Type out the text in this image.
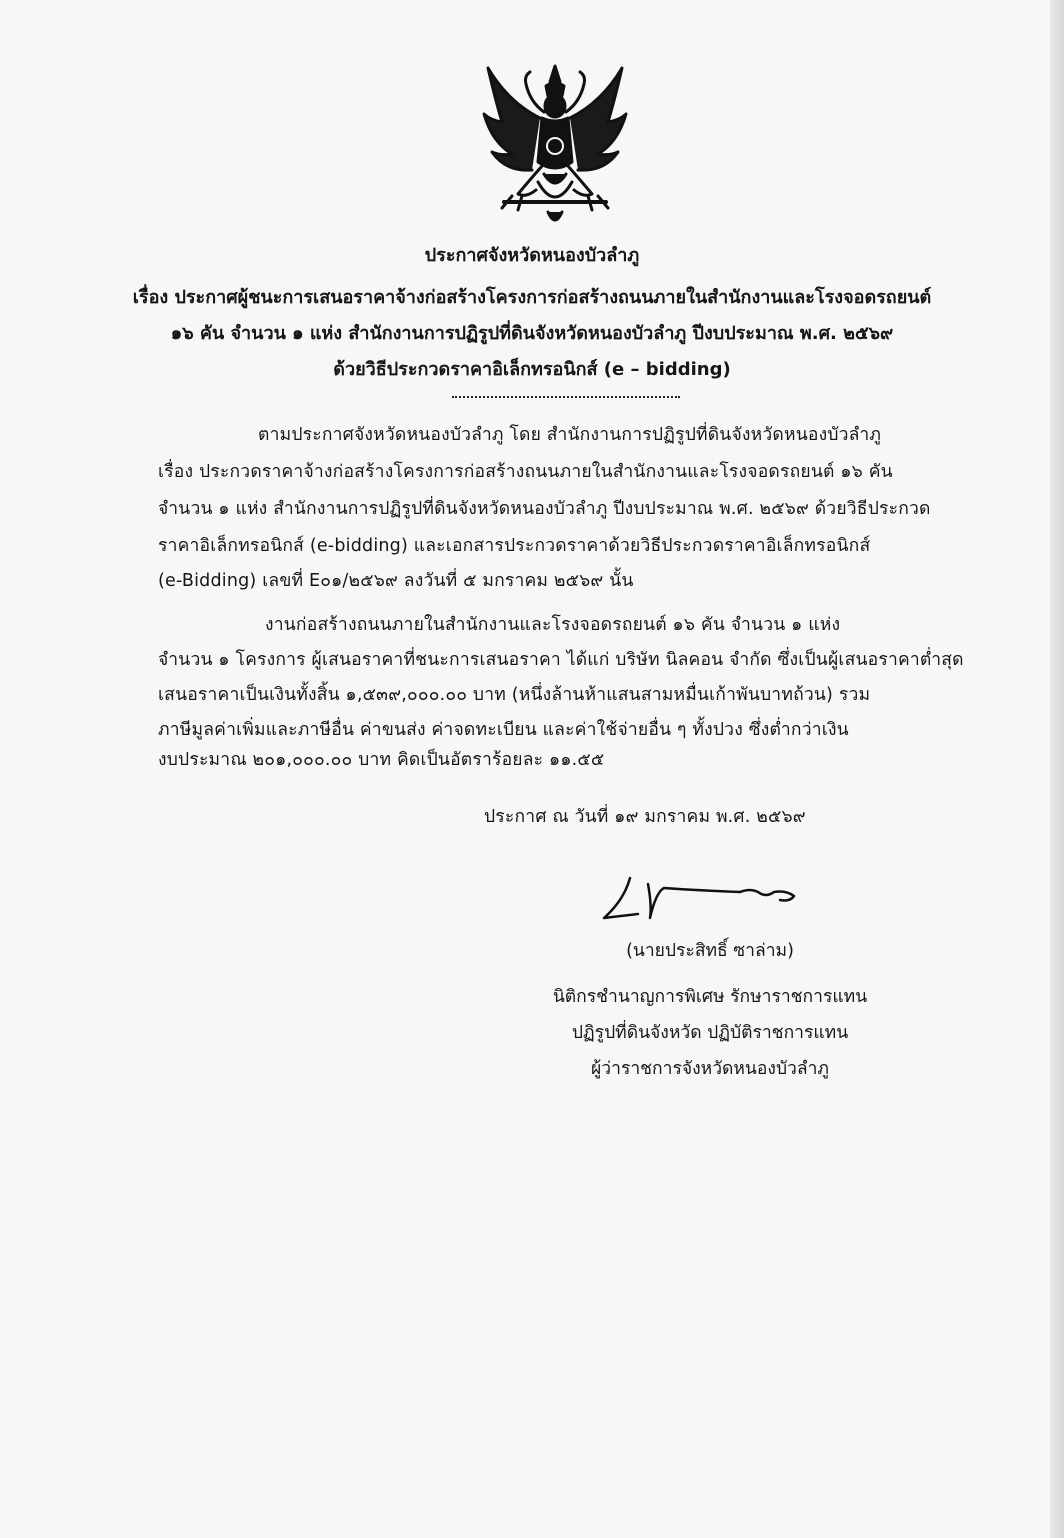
ประกาศจังหวัดหนองบัวลำภู
เรื่อง ประกาศผู้ชนะการเสนอราคาจ้างก่อสร้างโครงการก่อสร้างถนนภายในสำนักงานและโรงจอดรถยนต์
๑๖ คัน จำนวน ๑ แห่ง สำนักงานการปฏิรูปที่ดินจังหวัดหนองบัวลำภู ปีงบประมาณ พ.ศ. ๒๕๖๙
ด้วยวิธีประกวดราคาอิเล็กทรอนิกส์ (e – bidding)
ตามประกาศจังหวัดหนองบัวลำภู โดย สำนักงานการปฏิรูปที่ดินจังหวัดหนองบัวลำภู
เรื่อง ประกวดราคาจ้างก่อสร้างโครงการก่อสร้างถนนภายในสำนักงานและโรงจอดรถยนต์ ๑๖ คัน
จำนวน ๑ แห่ง สำนักงานการปฏิรูปที่ดินจังหวัดหนองบัวลำภู ปีงบประมาณ พ.ศ. ๒๕๖๙ ด้วยวิธีประกวด
ราคาอิเล็กทรอนิกส์ (e-bidding) และเอกสารประกวดราคาด้วยวิธีประกวดราคาอิเล็กทรอนิกส์
(e-Bidding) เลขที่ E๐๑/๒๕๖๙ ลงวันที่ ๕ มกราคม ๒๕๖๙ นั้น
งานก่อสร้างถนนภายในสำนักงานและโรงจอดรถยนต์ ๑๖ คัน จำนวน ๑ แห่ง
จำนวน ๑ โครงการ ผู้เสนอราคาที่ชนะการเสนอราคา ได้แก่ บริษัท นิลคอน จำกัด ซึ่งเป็นผู้เสนอราคาต่ำสุด
เสนอราคาเป็นเงินทั้งสิ้น ๑,๕๓๙,๐๐๐.๐๐ บาท (หนึ่งล้านห้าแสนสามหมื่นเก้าพันบาทถ้วน) รวม
ภาษีมูลค่าเพิ่มและภาษีอื่น ค่าขนส่ง ค่าจดทะเบียน และค่าใช้จ่ายอื่น ๆ ทั้งปวง ซึ่งต่ำกว่าเงิน
งบประมาณ ๒๐๑,๐๐๐.๐๐ บาท คิดเป็นอัตราร้อยละ ๑๑.๕๕
ประกาศ ณ วันที่ ๑๙ มกราคม พ.ศ. ๒๕๖๙
(นายประสิทธิ์ ซาล่าม)
นิติกรชำนาญการพิเศษ รักษาราชการแทน
ปฏิรูปที่ดินจังหวัด ปฏิบัติราชการแทน
ผู้ว่าราชการจังหวัดหนองบัวลำภู
